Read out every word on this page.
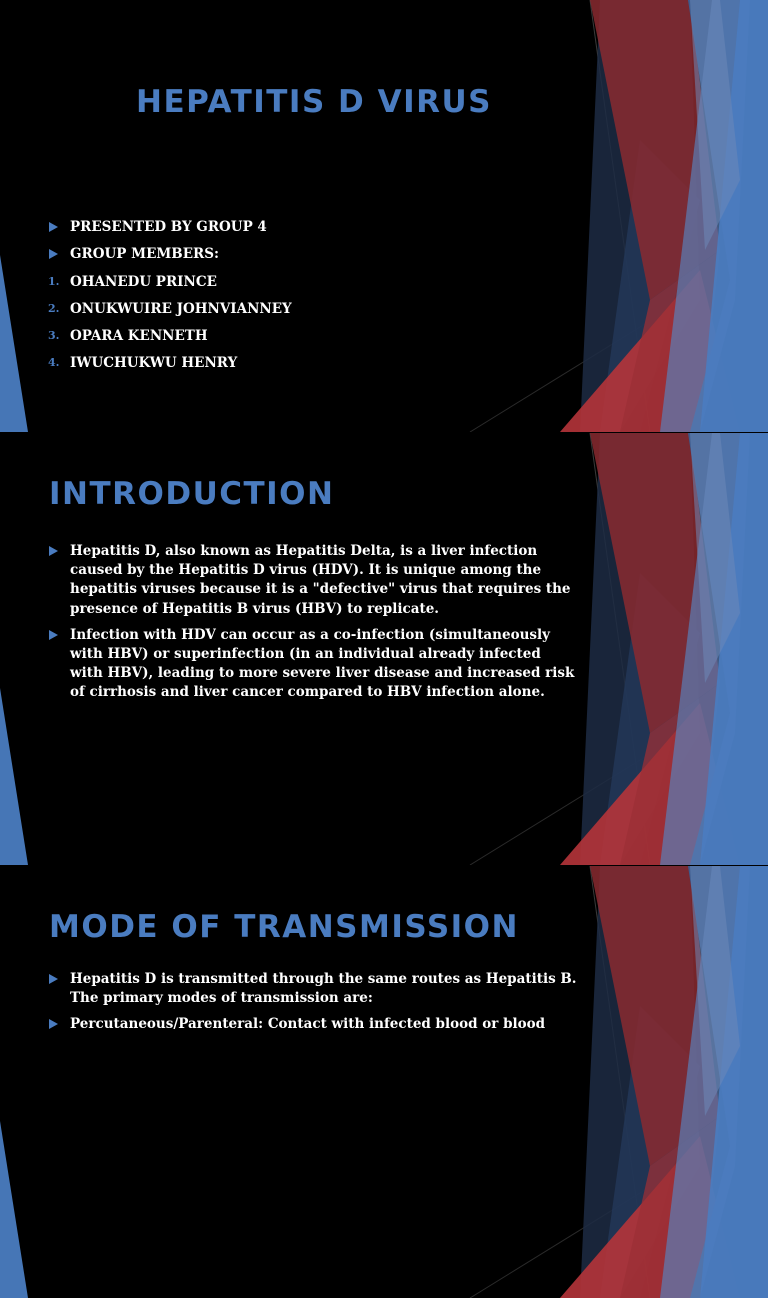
HEPATITIS D VIRUS
PRESENTED BY GROUP 4
GROUP MEMBERS:
1. OHANEDU PRINCE
2. ONUKWUIRE JOHNVIANNEY
3. OPARA KENNETH
4. IWUCHUKWU HENRY
INTRODUCTION
Hepatitis D, also known as Hepatitis Delta, is a liver infection caused by the Hepatitis D virus (HDV). It is unique among the hepatitis viruses because it is a "defective" virus that requires the presence of Hepatitis B virus (HBV) to replicate.
Infection with HDV can occur as a co-infection (simultaneously with HBV) or superinfection (in an individual already infected with HBV), leading to more severe liver disease and increased risk of cirrhosis and liver cancer compared to HBV infection alone.
MODE OF TRANSMISSION
Hepatitis D is transmitted through the same routes as Hepatitis B. The primary modes of transmission are:
Percutaneous/Parenteral: Contact with infected blood or blood
